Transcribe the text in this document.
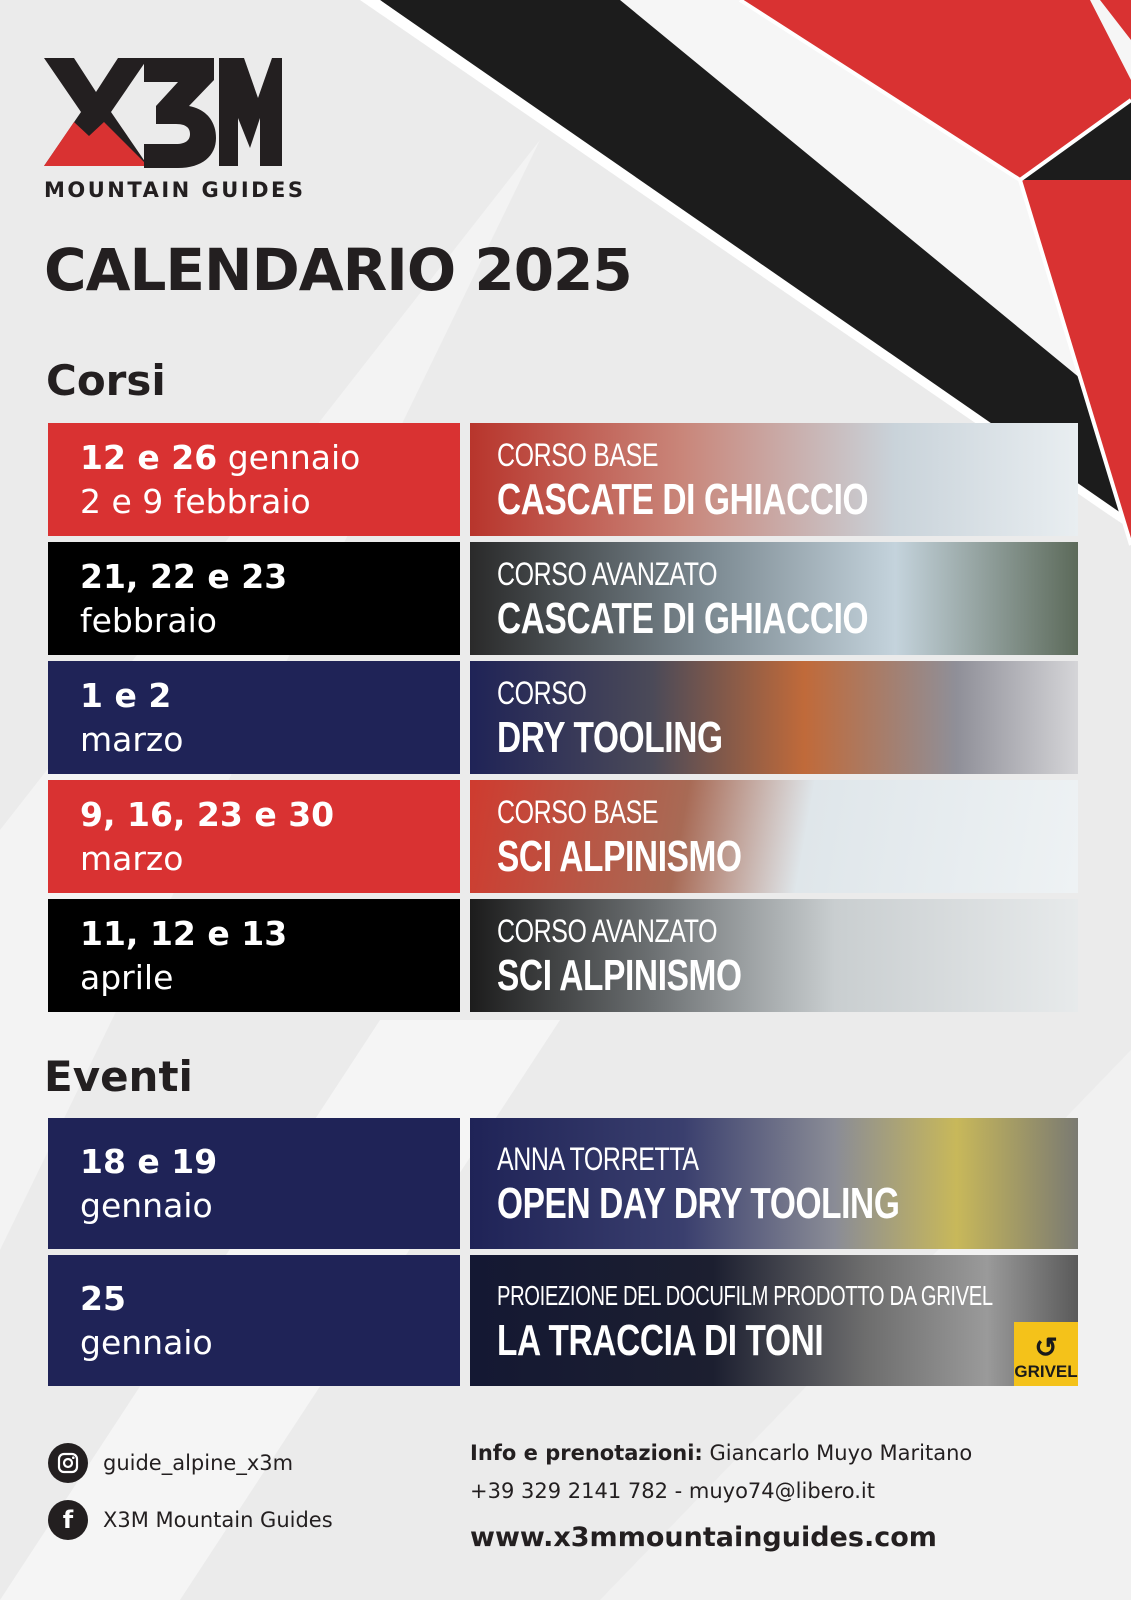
MOUNTAIN GUIDES
CALENDARIO 2025
Corsi
12 e 26 gennaio
2 e 9 febbraio
CORSO BASE
CASCATE DI GHIACCIO
21, 22 e 23
febbraio
CORSO AVANZATO
CASCATE DI GHIACCIO
1 e 2
marzo
CORSO
DRY TOOLING
9, 16, 23 e 30
marzo
CORSO BASE
SCI ALPINISMO
11, 12 e 13
aprile
CORSO AVANZATO
SCI ALPINISMO
Eventi
18 e 19
gennaio
ANNA TORRETTA
OPEN DAY DRY TOOLING
25
gennaio
PROIEZIONE DEL DOCUFILM PRODOTTO DA GRIVEL
LA TRACCIA DI TONI	↺
GRIVEL
guide_alpine_x3m
f	X3M Mountain Guides
Info e prenotazioni: Giancarlo Muyo Maritano
+39 329 2141 782 - muyo74@libero.it
www.x3mmountainguides.com
